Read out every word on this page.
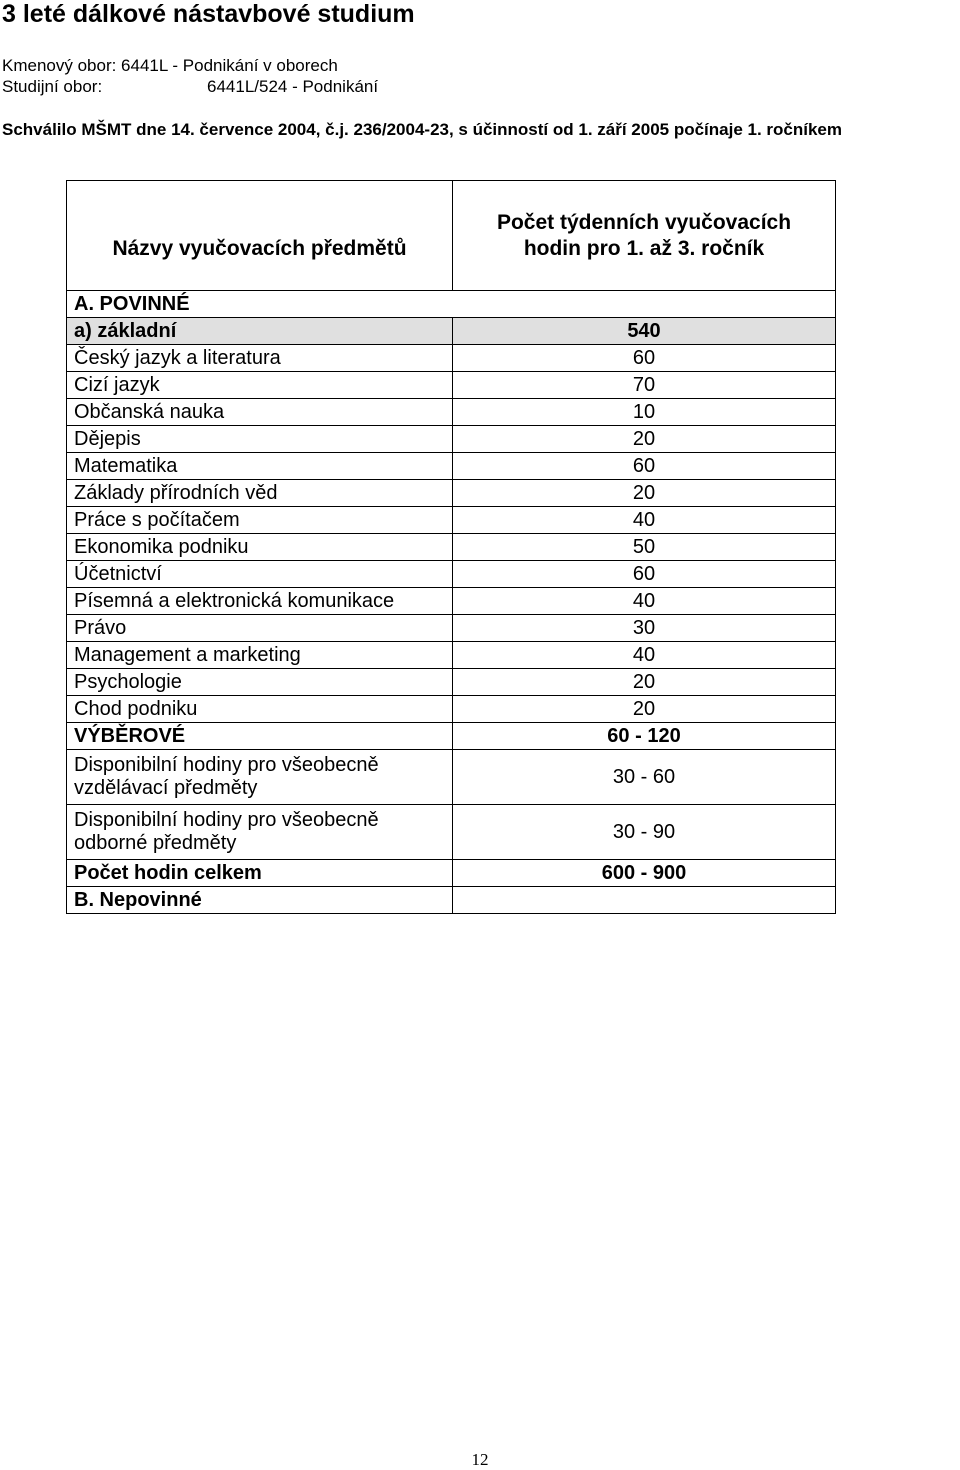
3 leté dálkové nástavbové studium
Kmenový obor: 6441L - Podnikání v oborech
Studijní obor:	6441L/524 - Podnikání
Schválilo MŠMT dne 14. července 2004, č.j. 236/2004-23, s účinností od 1. září 2005 počínaje 1. ročníkem
Názvy vyučovacích předmětů	Počet týdenních vyučovacích
hodin pro 1. až 3. ročník

A. POVINNÉ	
a) základní	540
Český jazyk a literatura	60
Cizí jazyk	70
Občanská nauka	10
Dějepis	20
Matematika	60
Základy přírodních věd	20
Práce s počítačem	40
Ekonomika podniku	50
Účetnictví	60
Písemná a elektronická komunikace	40
Právo	30
Management a marketing	40
Psychologie	20
Chod podniku	20
VÝBĚROVÉ	60 - 120
Disponibilní hodiny pro všeobecně vzdělávací předměty	30 - 60
Disponibilní hodiny pro všeobecně odborné předměty	30 - 90
Počet hodin celkem	600 - 900
B. Nepovinné	
12
